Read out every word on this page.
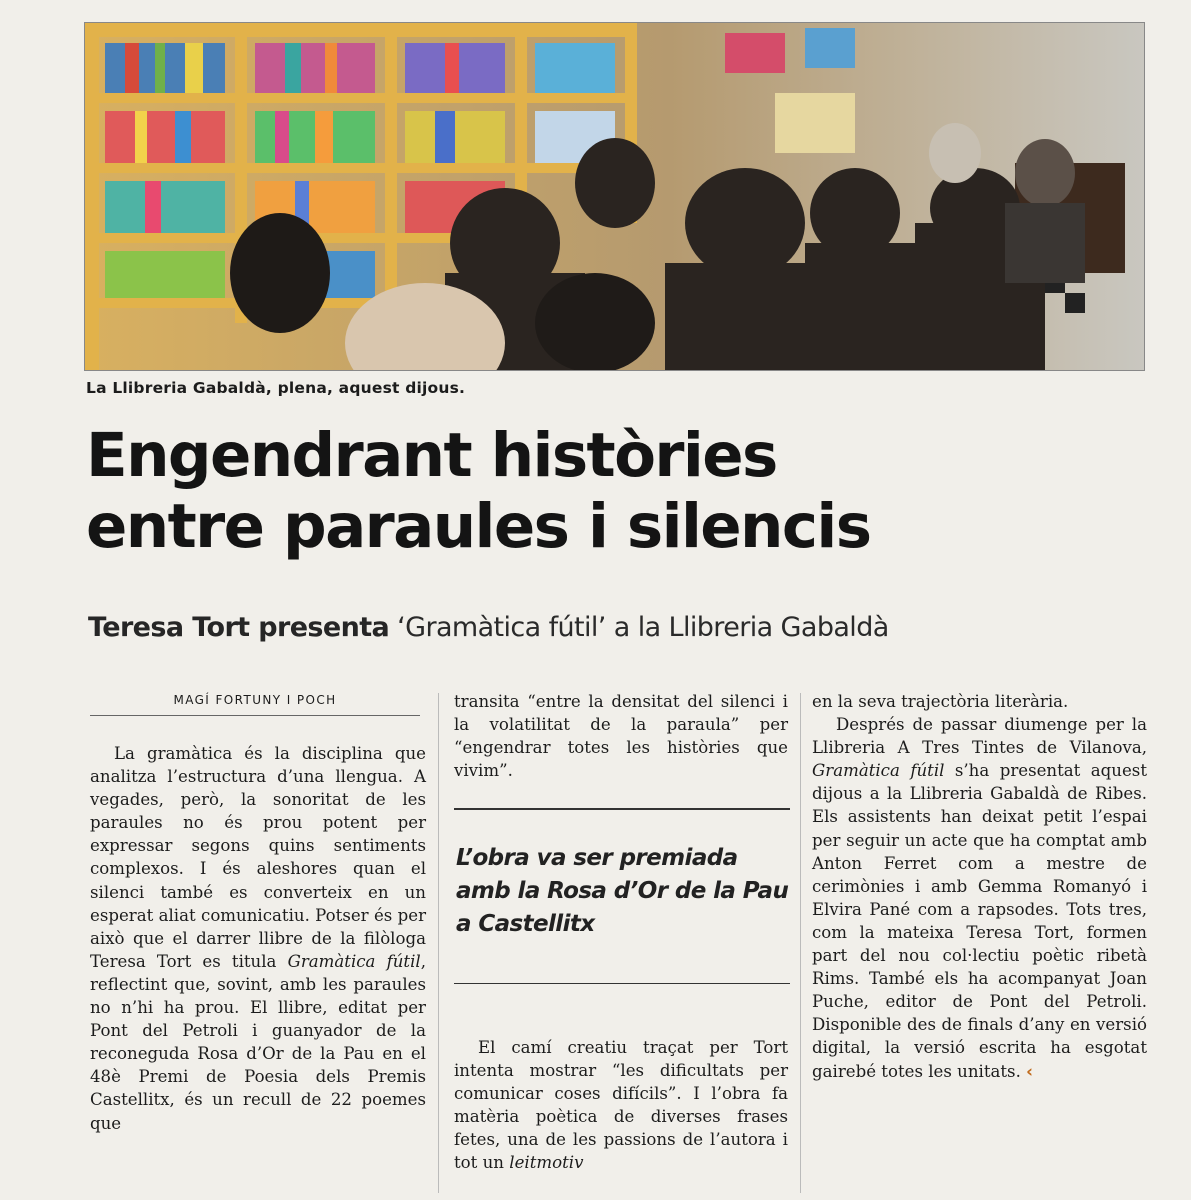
La Llibreria Gabaldà, plena, aquest dijous.
Engendrant històries
entre paraules i silencis
Teresa Tort presenta ‘Gramàtica fútil’ a la Llibreria Gabaldà
MAGÍ FORTUNY I POCH

La gramàtica és la disciplina que analitza l’estructura d’una llengua. A vegades, però, la sonoritat de les paraules no és prou potent per expressar segons quins sentiments complexos. I és aleshores quan el silenci també es converteix en un esperat aliat comunicatiu. Potser és per això que el darrer llibre de la filòloga Teresa Tort es titula Gramàtica fútil, reflectint que, sovint, amb les paraules no n’hi ha prou. El llibre, editat per Pont del Petroli i guanyador de la reconeguda Rosa d’Or de la Pau en el 48è Premi de Poesia dels Premis Castellitx, és un recull de 22 poemes que

transita “entre la densitat del silenci i la volatilitat de la paraula” per “engendrar totes les històries que vivim”.

L’obra va ser premiada amb la Rosa d’Or de la Pau a Castellitx

El camí creatiu traçat per Tort intenta mostrar “les dificultats per comunicar coses difícils”. I l’obra fa matèria poètica de diverses frases fetes, una de les passions de l’autora i tot un leitmotiv

en la seva trajectòria literària.

Després de passar diumenge per la Llibreria A Tres Tintes de Vilanova, Gramàtica fútil s’ha presentat aquest dijous a la Llibreria Gabaldà de Ribes. Els assistents han deixat petit l’espai per seguir un acte que ha comptat amb Anton Ferret com a mestre de cerimònies i amb Gemma Romanyó i Elvira Pané com a rapsodes. Tots tres, com la mateixa Teresa Tort, formen part del nou col·lectiu poètic ribetà Rims. També els ha acompanyat Joan Puche, editor de Pont del Petroli. Disponible des de finals d’any en versió digital, la versió escrita ha esgotat gairebé totes les unitats. ‹
